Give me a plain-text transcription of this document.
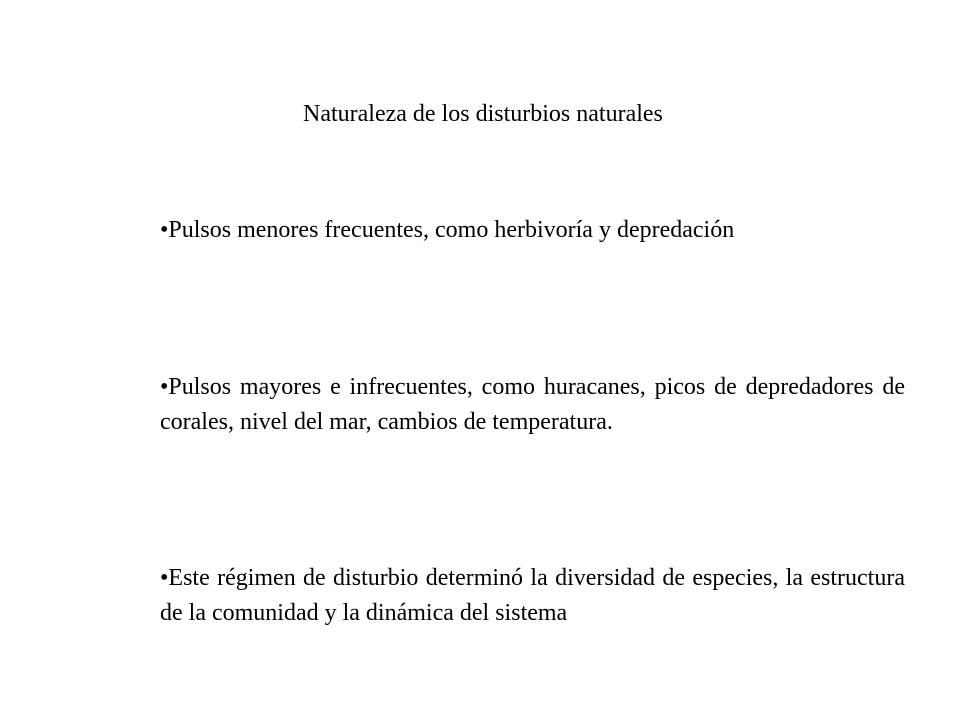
Naturaleza de los disturbios naturales

•Pulsos menores frecuentes, como herbivoría y depredación

•Pulsos mayores e infrecuentes, como huracanes, picos de depredadores de corales, nivel del mar, cambios de temperatura.

•Este régimen de disturbio determinó la diversidad de especies, la estructura de la comunidad y la dinámica del sistema
